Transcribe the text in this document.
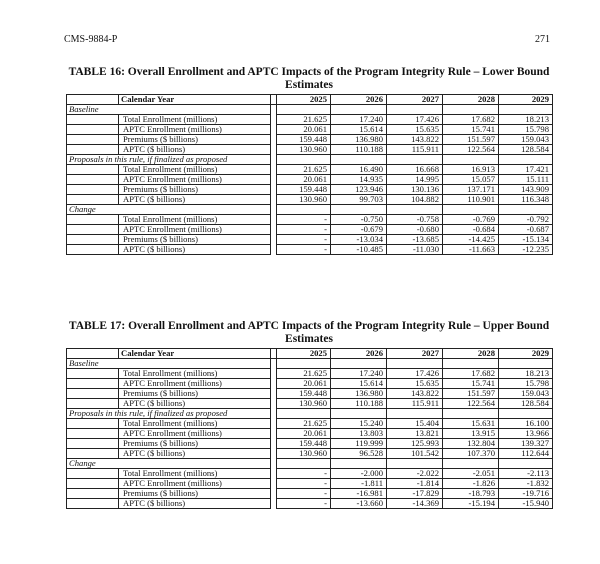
CMS-9884-P	271
TABLE 16: Overall Enrollment and APTC Impacts of the Program Integrity Rule – Lower Bound Estimates
	Calendar Year		2025	2026	2027	2028	2029
Baseline							
	Total Enrollment (millions)		21.625	17.240	17.426	17.682	18.213
	APTC Enrollment (millions)		20.061	15.614	15.635	15.741	15.798
	Premiums ($ billions)		159.448	136.980	143.822	151.597	159.043
	APTC ($ billions)		130.960	110.188	115.911	122.564	128.584
Proposals in this rule, if finalized as proposed							
	Total Enrollment (millions)		21.625	16.490	16.668	16.913	17.421
	APTC Enrollment (millions)		20.061	14.935	14.995	15.057	15.111
	Premiums ($ billions)		159.448	123.946	130.136	137.171	143.909
	APTC ($ billions)		130.960	99.703	104.882	110.901	116.348
Change							
	Total Enrollment (millions)		-	-0.750	-0.758	-0.769	-0.792
	APTC Enrollment (millions)		-	-0.679	-0.680	-0.684	-0.687
	Premiums ($ billions)		-	-13.034	-13.685	-14.425	-15.134
	APTC ($ billions)		-	-10.485	-11.030	-11.663	-12.235
TABLE 17: Overall Enrollment and APTC Impacts of the Program Integrity Rule – Upper Bound Estimates
	Calendar Year		2025	2026	2027	2028	2029
Baseline							
	Total Enrollment (millions)		21.625	17.240	17.426	17.682	18.213
	APTC Enrollment (millions)		20.061	15.614	15.635	15.741	15.798
	Premiums ($ billions)		159.448	136.980	143.822	151.597	159.043
	APTC ($ billions)		130.960	110.188	115.911	122.564	128.584
Proposals in this rule, if finalized as proposed							
	Total Enrollment (millions)		21.625	15.240	15.404	15.631	16.100
	APTC Enrollment (millions)		20.061	13.803	13.821	13.915	13.966
	Premiums ($ billions)		159.448	119.999	125.993	132.804	139.327
	APTC ($ billions)		130.960	96.528	101.542	107.370	112.644
Change							
	Total Enrollment (millions)		-	-2.000	-2.022	-2.051	-2.113
	APTC Enrollment (millions)		-	-1.811	-1.814	-1.826	-1.832
	Premiums ($ billions)		-	-16.981	-17.829	-18.793	-19.716
	APTC ($ billions)		-	-13.660	-14.369	-15.194	-15.940
